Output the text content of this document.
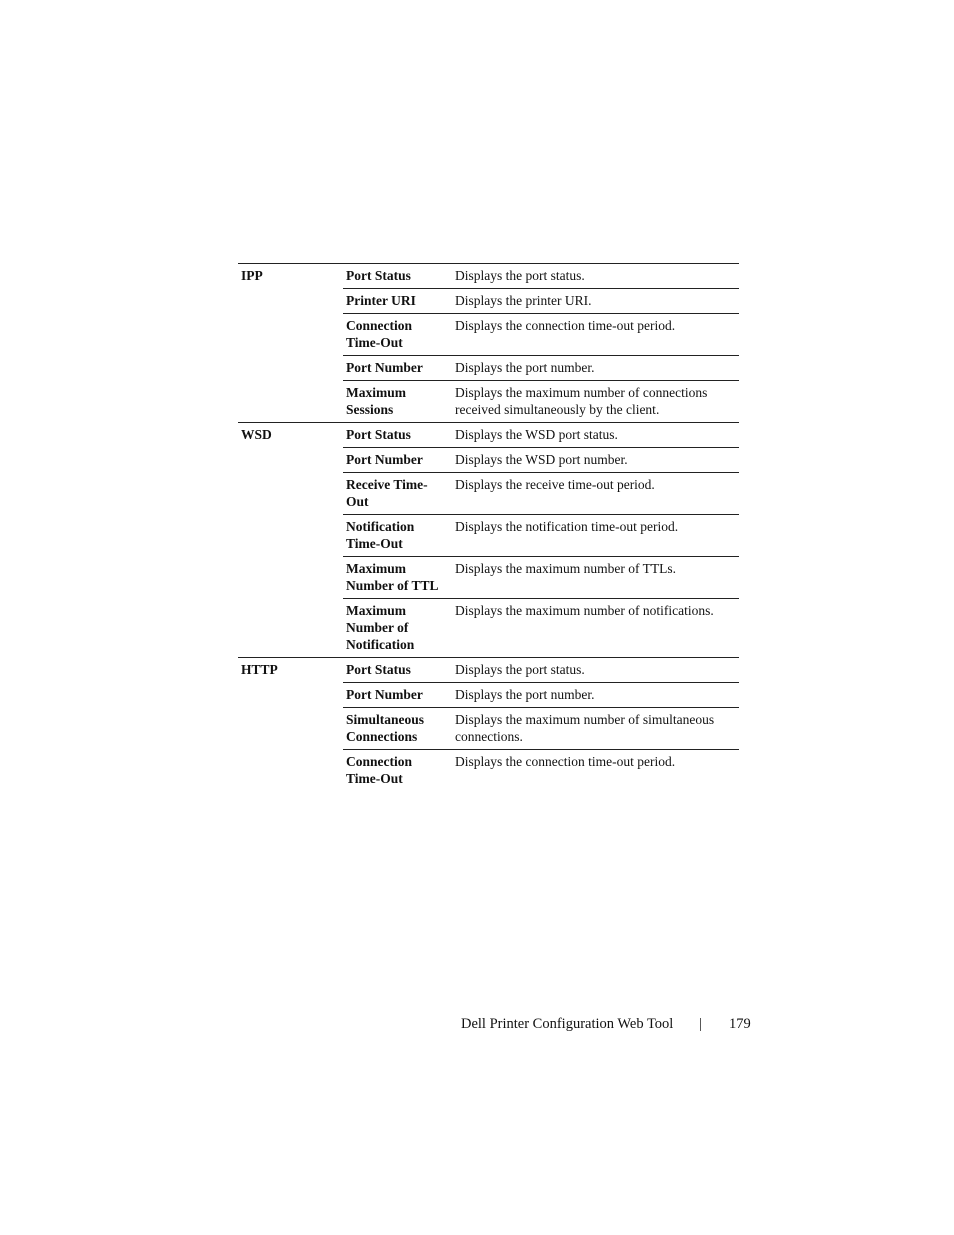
IPP	Port Status	Displays the port status.
	Printer URI	Displays the printer URI.
	Connection Time-Out	Displays the connection time-out period.
	Port Number	Displays the port number.
	Maximum Sessions	Displays the maximum number of connections received simultaneously by the client.
WSD	Port Status	Displays the WSD port status.
	Port Number	Displays the WSD port number.
	Receive Time-Out	Displays the receive time-out period.
	Notification Time-Out	Displays the notification time-out period.
	Maximum Number of TTL	Displays the maximum number of TTLs.
	Maximum Number of Notification	Displays the maximum number of notifications.
HTTP	Port Status	Displays the port status.
	Port Number	Displays the port number.
	Simultaneous Connections	Displays the maximum number of simultaneous connections.
	Connection Time-Out	Displays the connection time-out period.
Dell Printer Configuration Web Tool | 179
